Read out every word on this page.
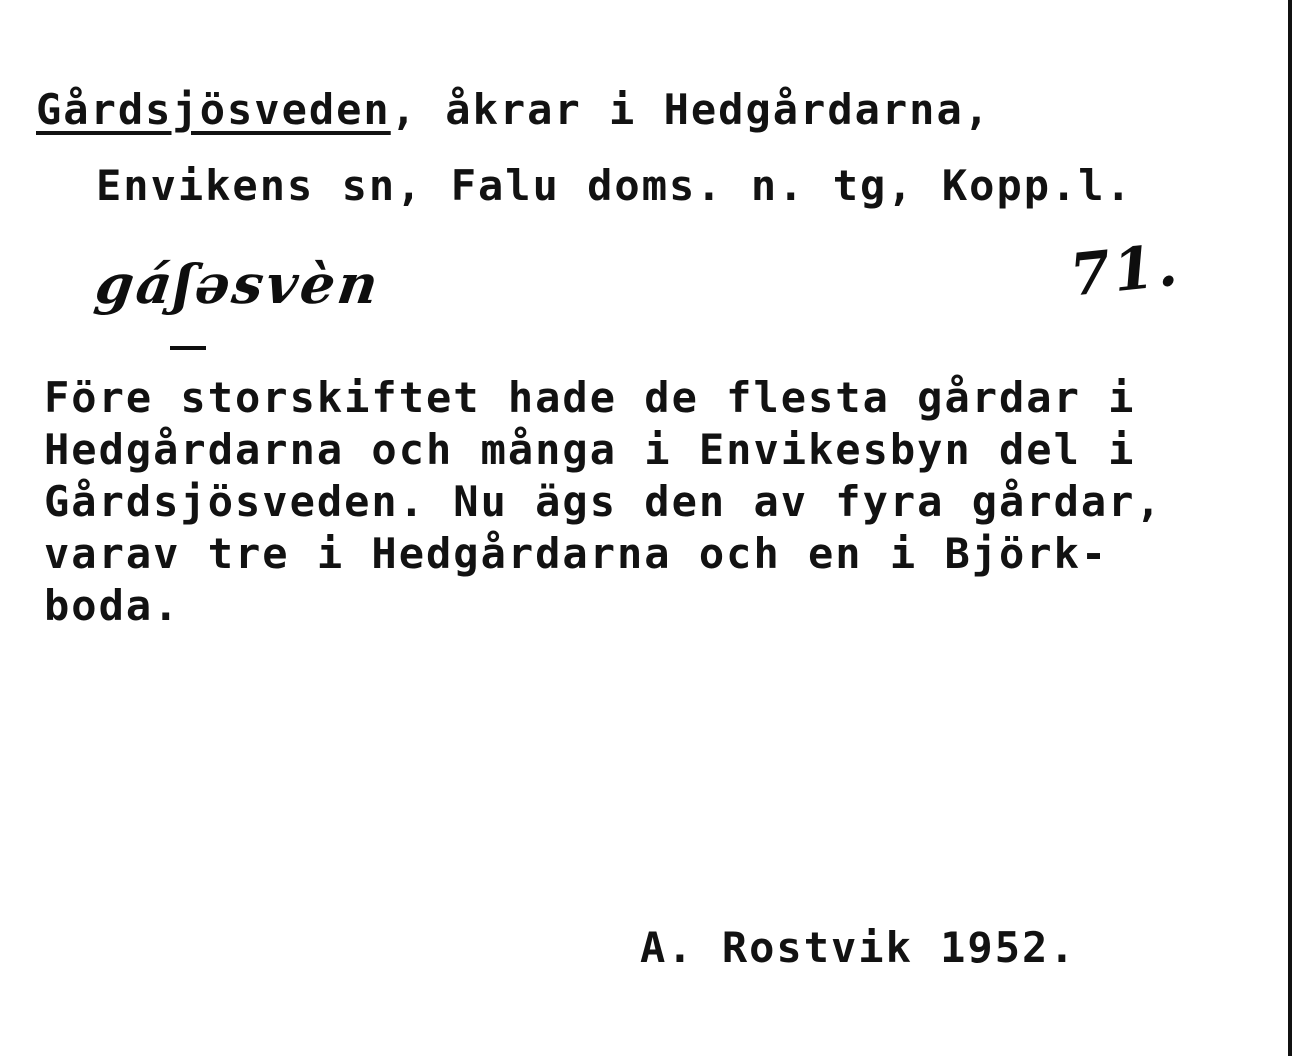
Gårdsjösveden, åkrar i Hedgårdarna,
Envikens sn, Falu doms. n. tg, Kopp.l.
gáʃəsvèn	71.
Före storskiftet hade de flesta gårdar i
Hedgårdarna och många i Envikesbyn del i
Gårdsjösveden. Nu ägs den av fyra gårdar,
varav tre i Hedgårdarna och en i Björk-
boda.
A. Rostvik 1952.
